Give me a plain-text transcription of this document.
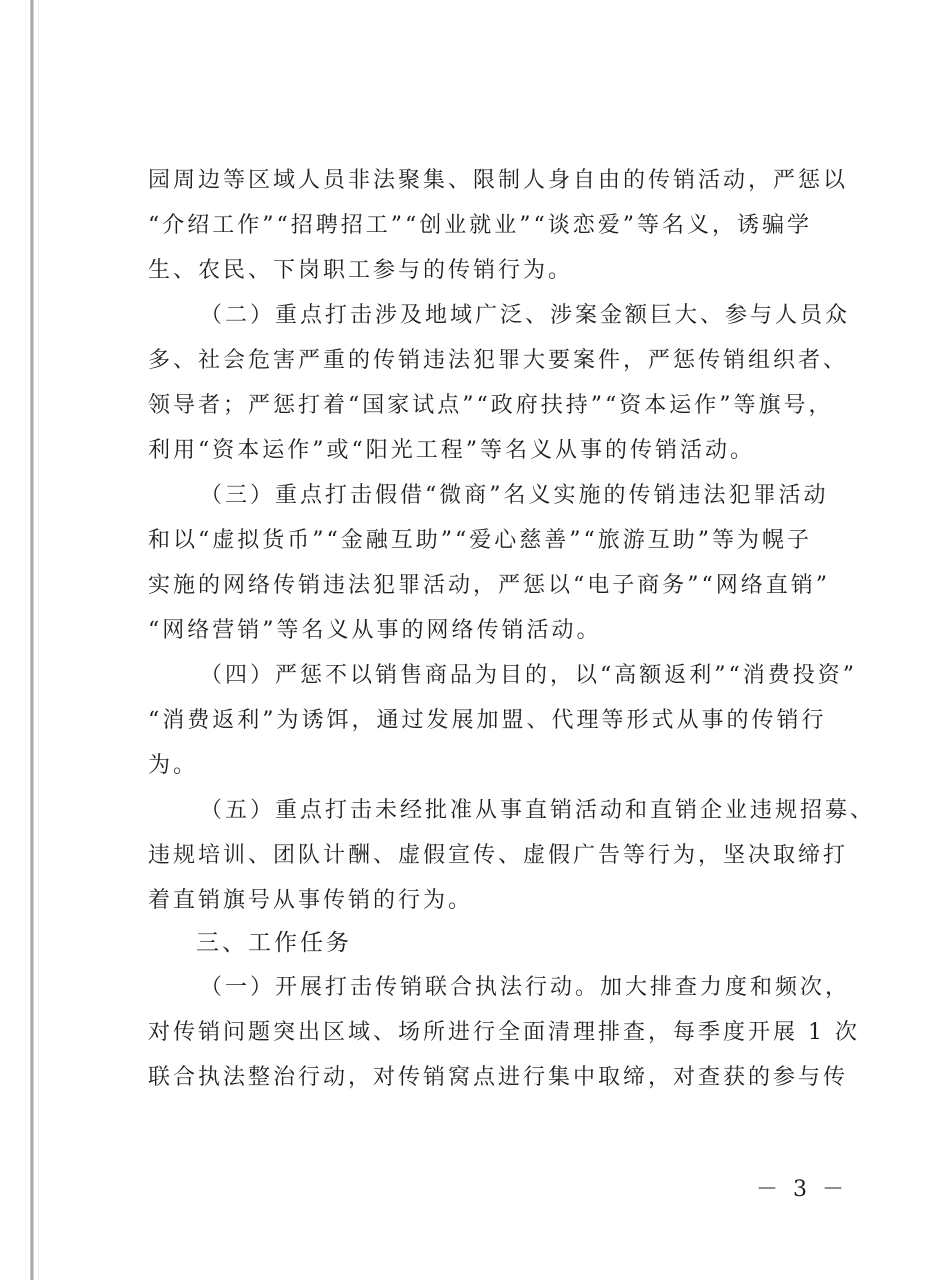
园周边等区域人员非法聚集、限制人身自由的传销活动，严惩以
“介绍工作”“招聘招工”“创业就业”“谈恋爱”等名义，诱骗学
生、农民、下岗职工参与的传销行为。
（二）重点打击涉及地域广泛、涉案金额巨大、参与人员众
多、社会危害严重的传销违法犯罪大要案件，严惩传销组织者、
领导者；严惩打着“国家试点”“政府扶持”“资本运作”等旗号，
利用“资本运作”或“阳光工程”等名义从事的传销活动。
（三）重点打击假借“微商”名义实施的传销违法犯罪活动
和以“虚拟货币”“金融互助”“爱心慈善”“旅游互助”等为幌子
实施的网络传销违法犯罪活动，严惩以“电子商务”“网络直销”
“网络营销”等名义从事的网络传销活动。
（四）严惩不以销售商品为目的，以“高额返利”“消费投资”
“消费返利”为诱饵，通过发展加盟、代理等形式从事的传销行
为。
（五）重点打击未经批准从事直销活动和直销企业违规招募、
违规培训、团队计酬、虚假宣传、虚假广告等行为，坚决取缔打
着直销旗号从事传销的行为。
三、工作任务
（一）开展打击传销联合执法行动。加大排查力度和频次，
对传销问题突出区域、场所进行全面清理排查，每季度开展 1 次
联合执法整治行动，对传销窝点进行集中取缔，对查获的参与传
－ 3 －
